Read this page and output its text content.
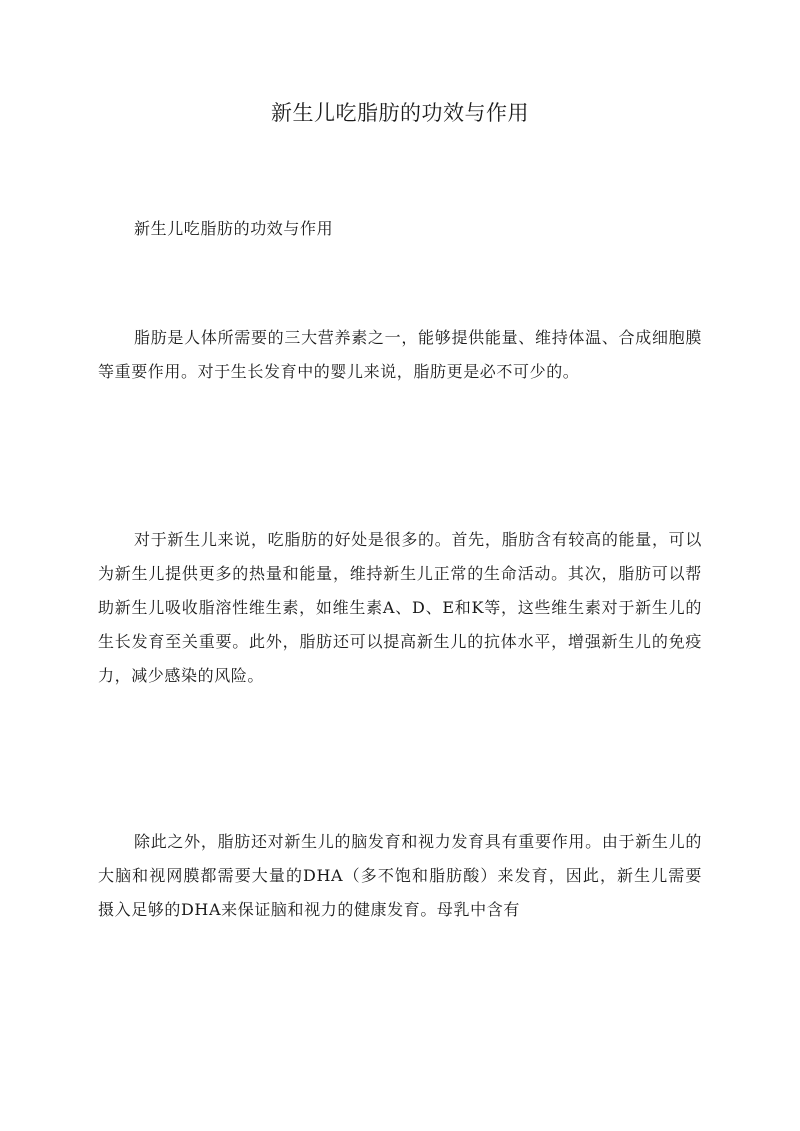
新生儿吃脂肪的功效与作用

新生儿吃脂肪的功效与作用

脂肪是人体所需要的三大营养素之一，能够提供能量、维持体温、合成细胞膜等重要作用。对于生长发育中的婴儿来说，脂肪更是必不可少的。

对于新生儿来说，吃脂肪的好处是很多的。首先，脂肪含有较高的能量，可以为新生儿提供更多的热量和能量，维持新生儿正常的生命活动。其次，脂肪可以帮助新生儿吸收脂溶性维生素，如维生素A、D、E和K等，这些维生素对于新生儿的生长发育至关重要。此外，脂肪还可以提高新生儿的抗体水平，增强新生儿的免疫力，减少感染的风险。

除此之外，脂肪还对新生儿的脑发育和视力发育具有重要作用。由于新生儿的大脑和视网膜都需要大量的DHA（多不饱和脂肪酸）来发育，因此，新生儿需要摄入足够的DHA来保证脑和视力的健康发育。母乳中含有
